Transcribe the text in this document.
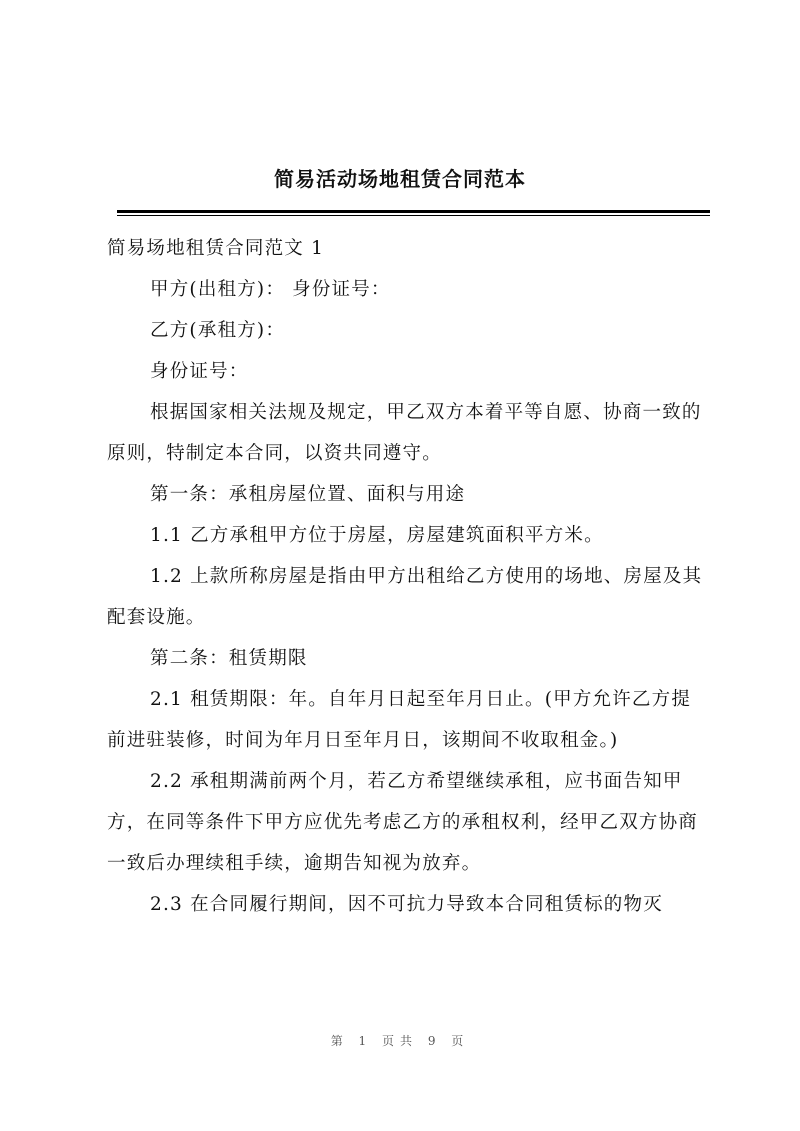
简易活动场地租赁合同范本

简易场地租赁合同范文 1

甲方(出租方)： 身份证号：

乙方(承租方)：

身份证号：

根据国家相关法规及规定，甲乙双方本着平等自愿、协商一致的原则，特制定本合同，以资共同遵守。

第一条：承租房屋位置、面积与用途

1.1 乙方承租甲方位于房屋，房屋建筑面积平方米。

1.2 上款所称房屋是指由甲方出租给乙方使用的场地、房屋及其配套设施。

第二条：租赁期限

2.1 租赁期限：年。自年月日起至年月日止。(甲方允许乙方提前进驻装修，时间为年月日至年月日，该期间不收取租金。)

2.2 承租期满前两个月，若乙方希望继续承租，应书面告知甲方，在同等条件下甲方应优先考虑乙方的承租权利，经甲乙双方协商一致后办理续租手续，逾期告知视为放弃。

2.3 在合同履行期间，因不可抗力导致本合同租赁标的物灭

第 1 页共 9 页
